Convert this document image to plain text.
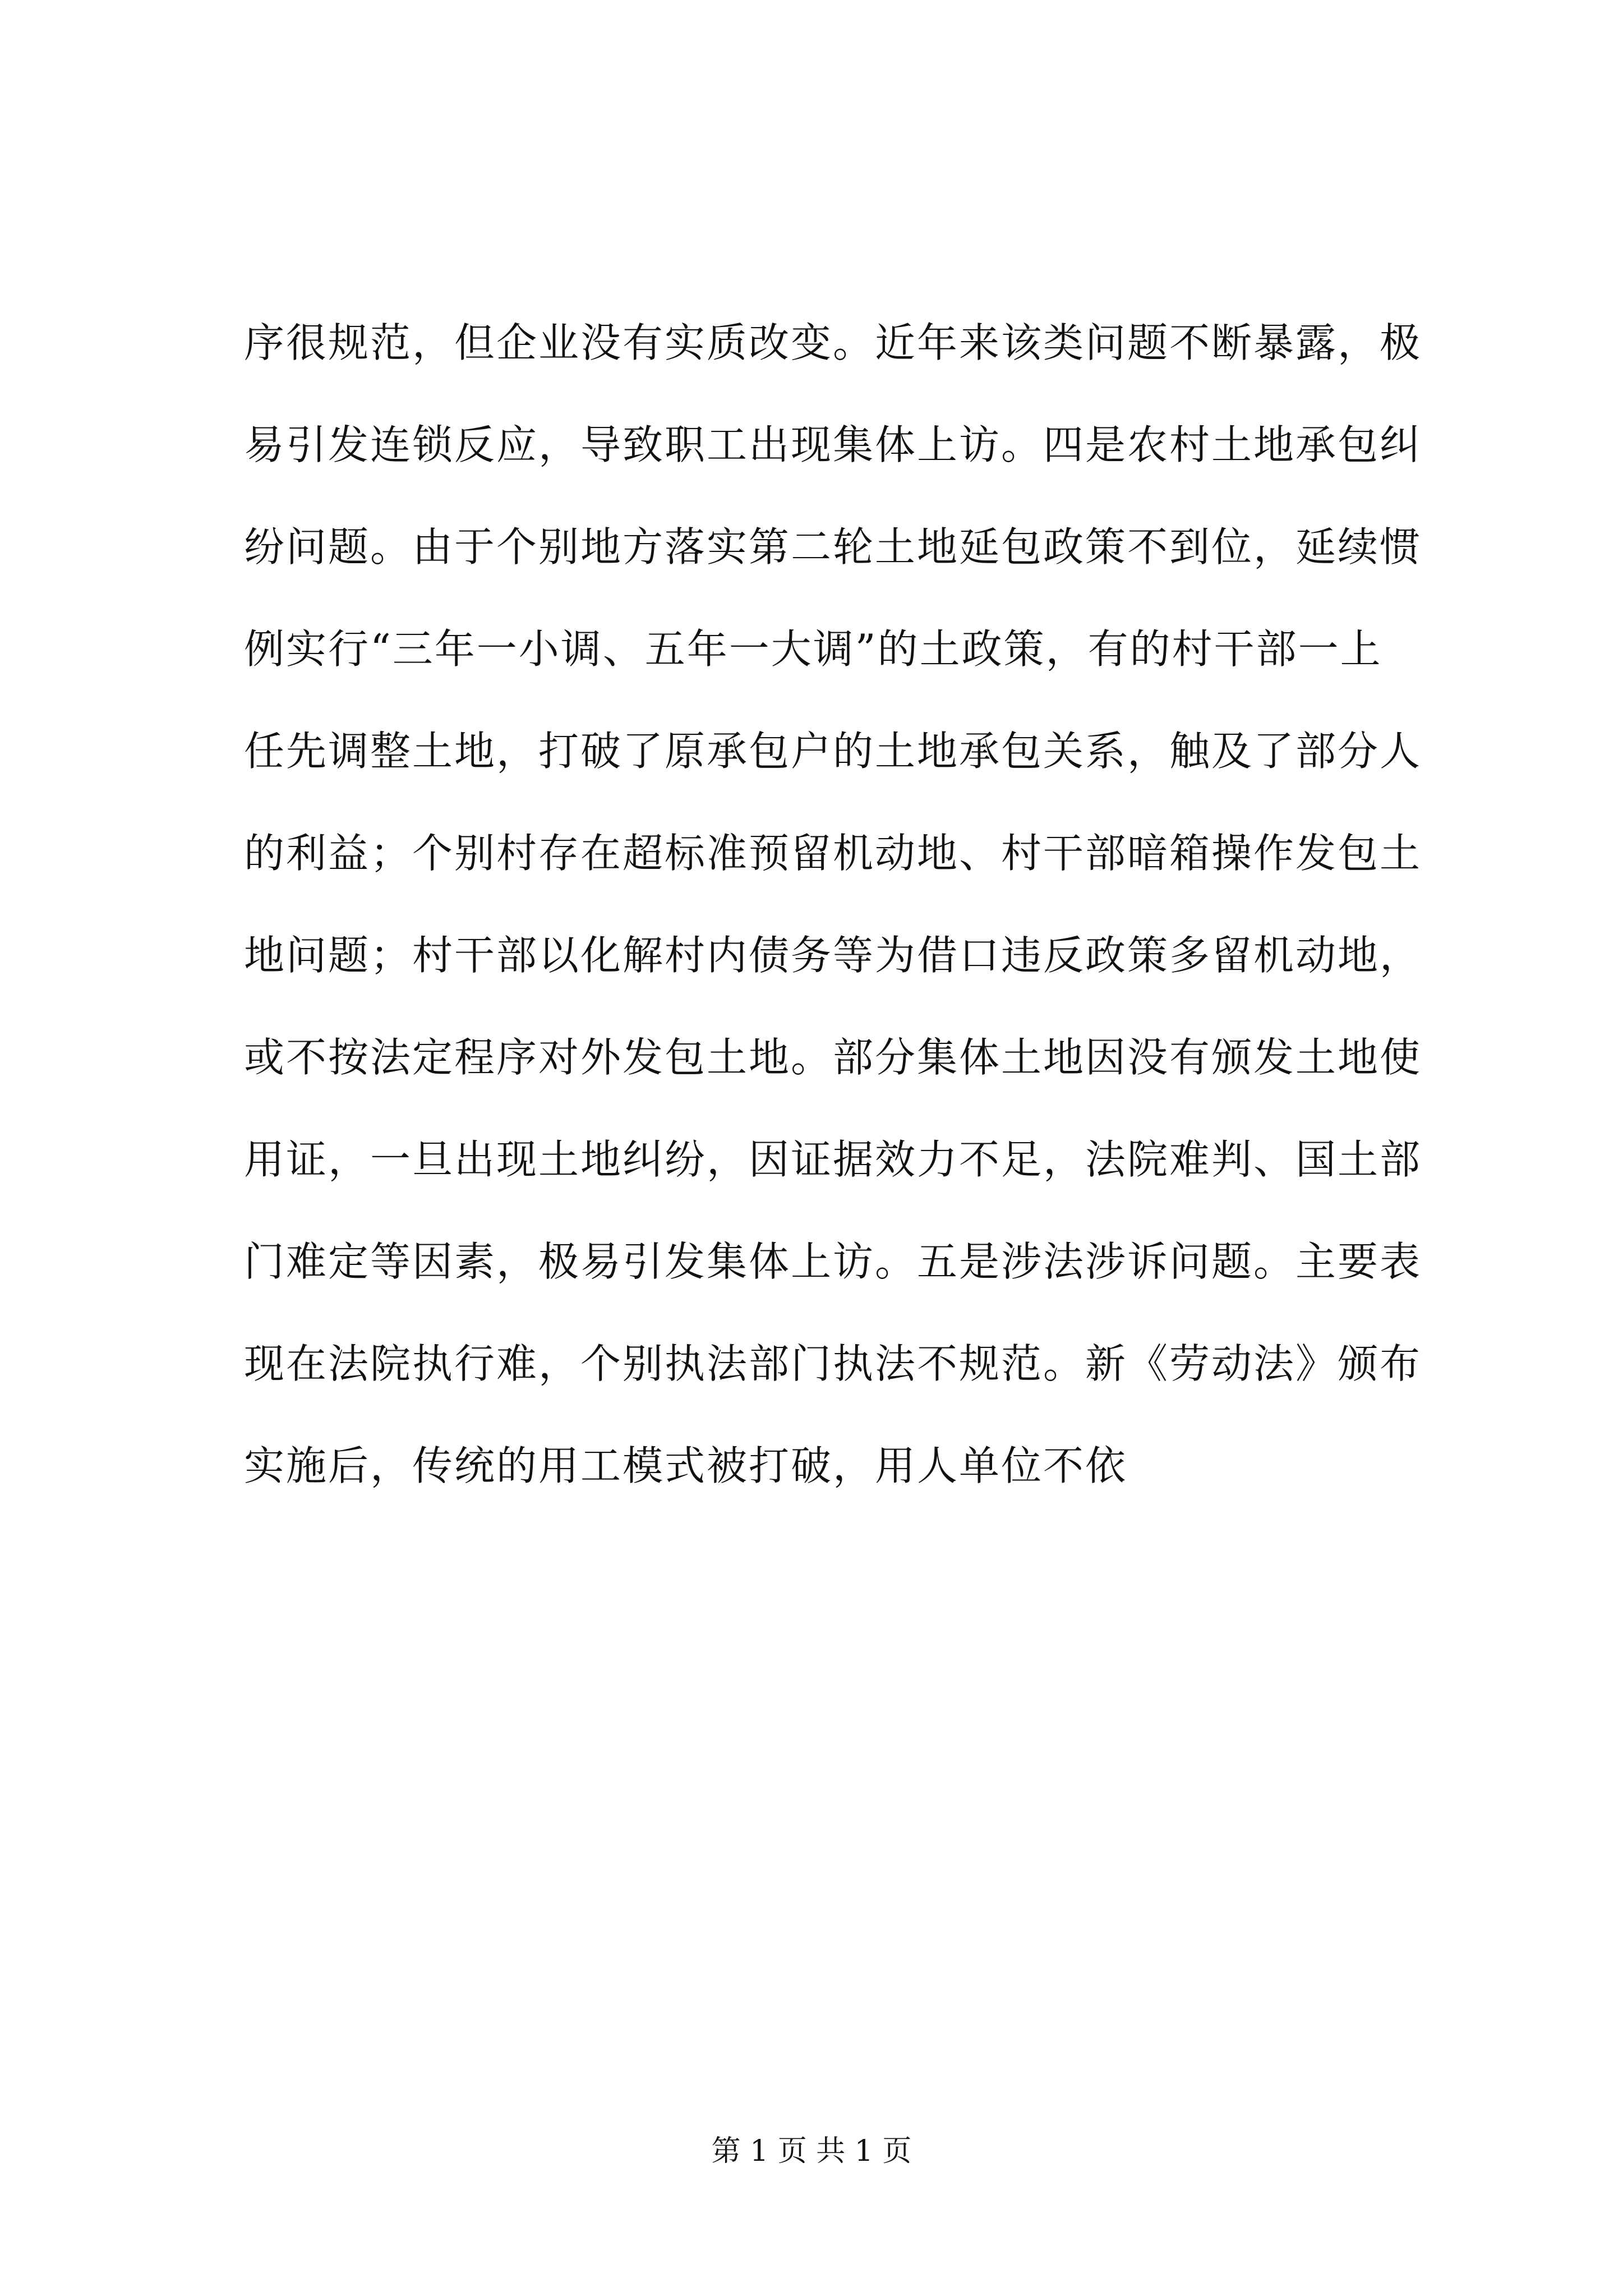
序很规范，但企业没有实质改变。近年来该类问题不断暴露，极
易引发连锁反应，导致职工出现集体上访。四是农村土地承包纠
纷问题。由于个别地方落实第二轮土地延包政策不到位，延续惯
例实行“三年一小调、五年一大调”的土政策，有的村干部一上
任先调整土地，打破了原承包户的土地承包关系，触及了部分人
的利益；个别村存在超标准预留机动地、村干部暗箱操作发包土
地问题；村干部以化解村内债务等为借口违反政策多留机动地，
或不按法定程序对外发包土地。部分集体土地因没有颁发土地使
用证，一旦出现土地纠纷，因证据效力不足，法院难判、国土部
门难定等因素，极易引发集体上访。五是涉法涉诉问题。主要表
现在法院执行难，个别执法部门执法不规范。新《劳动法》颁布
实施后，传统的用工模式被打破，用人单位不依
第 1 页 共 1 页
